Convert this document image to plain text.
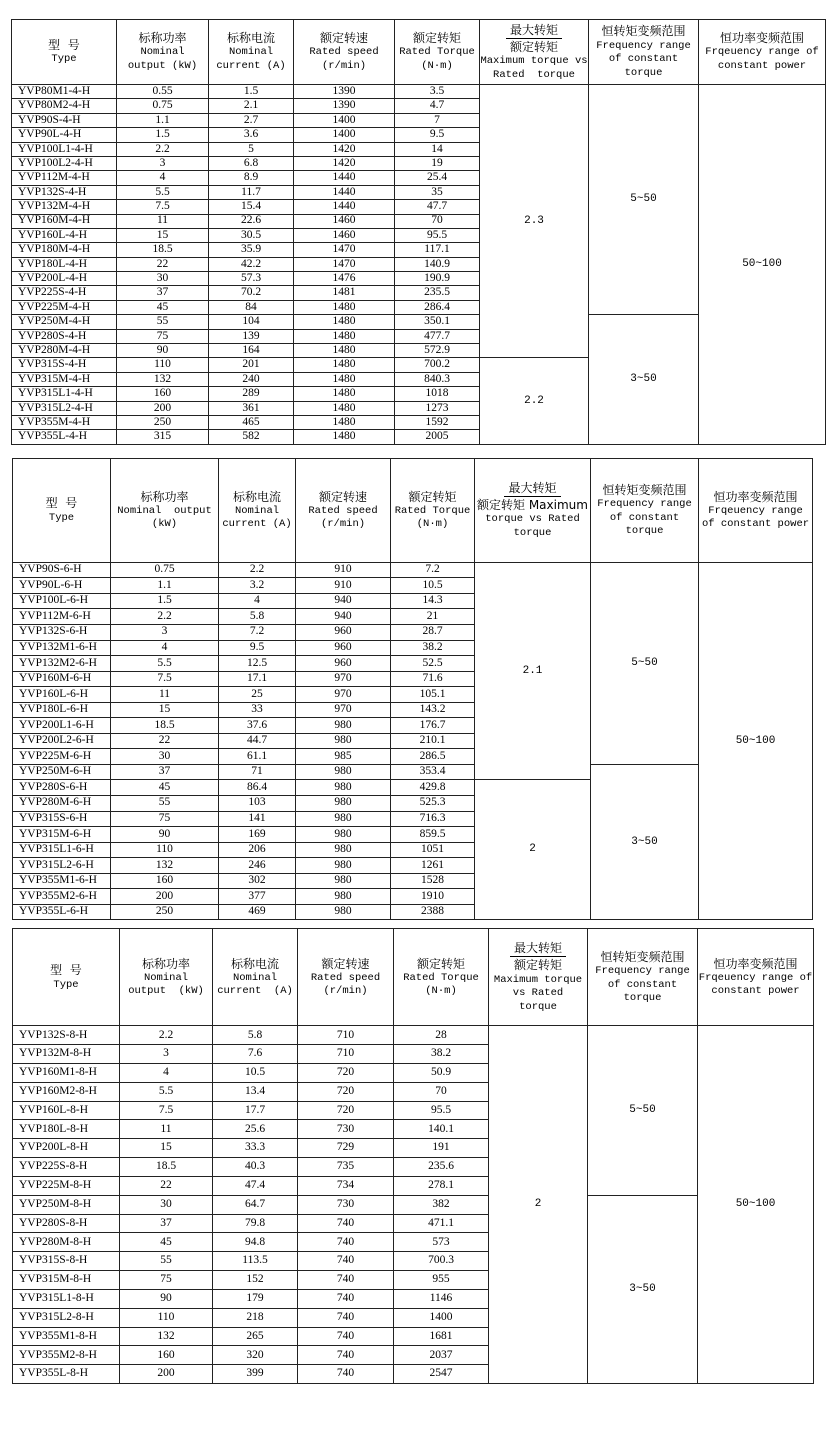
型  号
Type

标称功率
Nominal
output (kW)

标称电流
Nominal
current (A)

额定转速
Rated speed
(r/min)

额定转矩
Rated Torque
(N·m)

最大转矩
额定转矩
Maximum torque vs
Rated  torque

恒转矩变频范围
Frequency range
of constant
torque

恒功率变频范围
Frqeuency range of
constant power

YVP80M1-4-H	0.55	1.5	1390	3.5	2.3	5~50	50~100
YVP80M2-4-H	0.75	2.1	1390	4.7			
YVP90S-4-H	1.1	2.7	1400	7			
YVP90L-4-H	1.5	3.6	1400	9.5			
YVP100L1-4-H	2.2	5	1420	14			
YVP100L2-4-H	3	6.8	1420	19			
YVP112M-4-H	4	8.9	1440	25.4			
YVP132S-4-H	5.5	11.7	1440	35			
YVP132M-4-H	7.5	15.4	1440	47.7			
YVP160M-4-H	11	22.6	1460	70			
YVP160L-4-H	15	30.5	1460	95.5			
YVP180M-4-H	18.5	35.9	1470	117.1			
YVP180L-4-H	22	42.2	1470	140.9			
YVP200L-4-H	30	57.3	1476	190.9			
YVP225S-4-H	37	70.2	1481	235.5			
YVP225M-4-H	45	84	1480	286.4			
YVP250M-4-H	55	104	1480	350.1		3~50	
YVP280S-4-H	75	139	1480	477.7			
YVP280M-4-H	90	164	1480	572.9			
YVP315S-4-H	110	201	1480	700.2	2.2		
YVP315M-4-H	132	240	1480	840.3			
YVP315L1-4-H	160	289	1480	1018			
YVP315L2-4-H	200	361	1480	1273			
YVP355M-4-H	250	465	1480	1592			
YVP355L-4-H	315	582	1480	2005			
型  号
Type

标称功率
Nominal  output
(kW)

标称电流
Nominal
current (A)

额定转速
Rated speed
(r/min)

额定转矩
Rated Torque
(N·m)

最大转矩
额定转矩 Maximum
torque vs Rated
torque

恒转矩变频范围
Frequency range
of constant
torque

恒功率变频范围
Frqeuency range
of constant power

YVP90S-6-H	0.75	2.2	910	7.2	2.1	5~50	50~100
YVP90L-6-H	1.1	3.2	910	10.5			
YVP100L-6-H	1.5	4	940	14.3			
YVP112M-6-H	2.2	5.8	940	21			
YVP132S-6-H	3	7.2	960	28.7			
YVP132M1-6-H	4	9.5	960	38.2			
YVP132M2-6-H	5.5	12.5	960	52.5			
YVP160M-6-H	7.5	17.1	970	71.6			
YVP160L-6-H	11	25	970	105.1			
YVP180L-6-H	15	33	970	143.2			
YVP200L1-6-H	18.5	37.6	980	176.7			
YVP200L2-6-H	22	44.7	980	210.1			
YVP225M-6-H	30	61.1	985	286.5			
YVP250M-6-H	37	71	980	353.4		3~50	
YVP280S-6-H	45	86.4	980	429.8	2		
YVP280M-6-H	55	103	980	525.3			
YVP315S-6-H	75	141	980	716.3			
YVP315M-6-H	90	169	980	859.5			
YVP315L1-6-H	110	206	980	1051			
YVP315L2-6-H	132	246	980	1261			
YVP355M1-6-H	160	302	980	1528			
YVP355M2-6-H	200	377	980	1910			
YVP355L-6-H	250	469	980	2388			
型  号
Type

标称功率
Nominal
output  (kW)

标称电流
Nominal
current  (A)

额定转速
Rated speed
(r/min)

额定转矩
Rated Torque
(N·m)

最大转矩
额定转矩
Maximum torque
vs Rated
torque

恒转矩变频范围
Frequency range
of constant
torque

恒功率变频范围
Frqeuency range of
constant power

YVP132S-8-H	2.2	5.8	710	28	2	5~50	50~100
YVP132M-8-H	3	7.6	710	38.2			
YVP160M1-8-H	4	10.5	720	50.9			
YVP160M2-8-H	5.5	13.4	720	70			
YVP160L-8-H	7.5	17.7	720	95.5			
YVP180L-8-H	11	25.6	730	140.1			
YVP200L-8-H	15	33.3	729	191			
YVP225S-8-H	18.5	40.3	735	235.6			
YVP225M-8-H	22	47.4	734	278.1			
YVP250M-8-H	30	64.7	730	382		3~50	
YVP280S-8-H	37	79.8	740	471.1			
YVP280M-8-H	45	94.8	740	573			
YVP315S-8-H	55	113.5	740	700.3			
YVP315M-8-H	75	152	740	955			
YVP315L1-8-H	90	179	740	1146			
YVP315L2-8-H	110	218	740	1400			
YVP355M1-8-H	132	265	740	1681			
YVP355M2-8-H	160	320	740	2037			
YVP355L-8-H	200	399	740	2547			
